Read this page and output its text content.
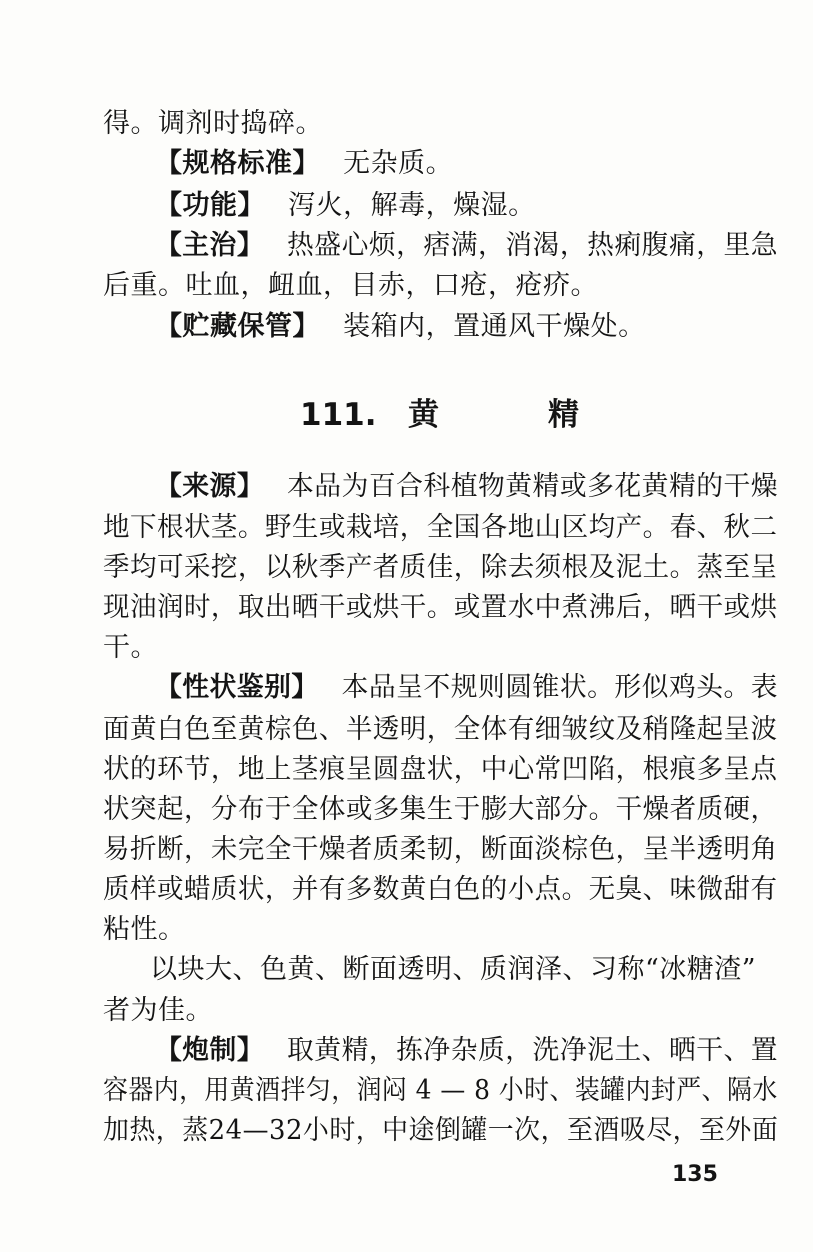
得。调剂时捣碎。
【规格标准】 无杂质。
【功能】 泻火，解毒，燥湿。
【主治】 热盛心烦，痞满，消渴，热痢腹痛，里急
后重。吐血，衄血，目赤，口疮，疮疥。
【贮藏保管】 装箱内，置通风干燥处。
111. 黄	精
【来源】 本品为百合科植物黄精或多花黄精的干燥
地下根状茎。野生或栽培，全国各地山区均产。春、秋二
季均可采挖，以秋季产者质佳，除去须根及泥土。蒸至呈
现油润时，取出晒干或烘干。或置水中煮沸后，晒干或烘
干。
【性状鉴别】 本品呈不规则圆锥状。形似鸡头。表
面黄白色至黄棕色、半透明，全体有细皱纹及稍隆起呈波
状的环节，地上茎痕呈圆盘状，中心常凹陷，根痕多呈点
状突起，分布于全体或多集生于膨大部分。干燥者质硬，
易折断，未完全干燥者质柔韧，断面淡棕色，呈半透明角
质样或蜡质状，并有多数黄白色的小点。无臭、味微甜有
粘性。
以块大、色黄、断面透明、质润泽、习称“冰糖渣”
者为佳。
【炮制】 取黄精，拣净杂质，洗净泥土、晒干、置
容器内，用黄酒拌匀，润闷 4 — 8 小时、装罐内封严、隔水
加热，蒸24—32小时，中途倒罐一次，至酒吸尽，至外面
135
